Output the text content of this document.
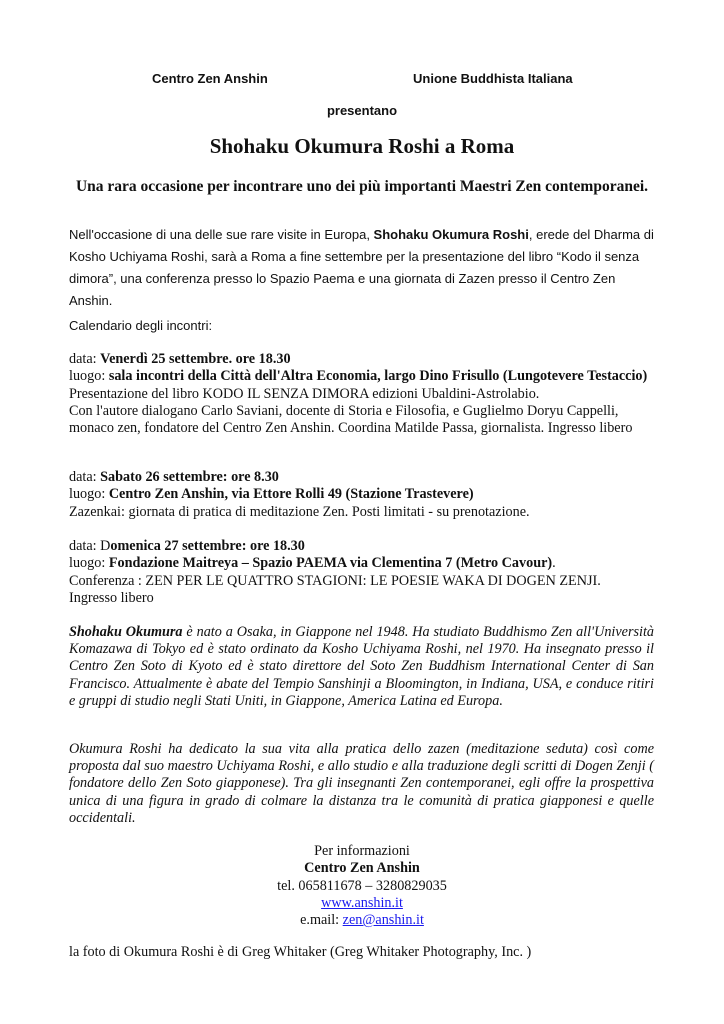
Centro Zen Anshin	Unione Buddhista Italiana
presentano
Shohaku Okumura Roshi a Roma
Una rara occasione per incontrare uno dei più importanti Maestri Zen contemporanei.
Nell'occasione di una delle sue rare visite in Europa, Shohaku Okumura Roshi, erede del Dharma di
Kosho Uchiyama Roshi, sarà a Roma a fine settembre per la presentazione del libro “Kodo il senza
dimora”, una conferenza presso lo Spazio Paema e una giornata di Zazen presso il Centro Zen
Anshin.
Calendario degli incontri:
data: Venerdì 25 settembre. ore 18.30
luogo: sala incontri della Città dell'Altra Economia, largo Dino Frisullo (Lungotevere Testaccio)
Presentazione del libro KODO IL SENZA DIMORA edizioni Ubaldini-Astrolabio.
Con l'autore dialogano Carlo Saviani, docente di Storia e Filosofia, e Guglielmo Doryu Cappelli,
monaco zen, fondatore del Centro Zen Anshin. Coordina Matilde Passa, giornalista. Ingresso libero
data: Sabato 26 settembre: ore 8.30
luogo: Centro Zen Anshin, via Ettore Rolli 49 (Stazione Trastevere)
Zazenkai: giornata di pratica di meditazione Zen. Posti limitati - su prenotazione.
data: Domenica 27 settembre: ore 18.30
luogo: Fondazione Maitreya – Spazio PAEMA via Clementina 7 (Metro Cavour).
Conferenza : ZEN PER LE QUATTRO STAGIONI: LE POESIE WAKA DI DOGEN ZENJI.
Ingresso libero
Shohaku Okumura è nato a Osaka, in Giappone nel 1948. Ha studiato Buddhismo Zen all'Università Komazawa di Tokyo ed è stato ordinato da Kosho Uchiyama Roshi, nel 1970. Ha insegnato presso il Centro Zen Soto di Kyoto ed è stato direttore del Soto Zen Buddhism International Center di San Francisco. Attualmente è abate del Tempio Sanshinji a Bloomington, in Indiana, USA, e conduce ritiri e gruppi di studio negli Stati Uniti, in Giappone, America Latina ed Europa.
Okumura Roshi ha dedicato la sua vita alla pratica dello zazen (meditazione seduta) così come proposta dal suo maestro Uchiyama Roshi, e allo studio e alla traduzione degli scritti di Dogen Zenji ( fondatore dello Zen Soto giapponese). Tra gli insegnanti Zen contemporanei, egli offre la prospettiva unica di una figura in grado di colmare la distanza tra le comunità di pratica giapponesi e quelle occidentali.
Per informazioni
Centro Zen Anshin
tel. 065811678 – 3280829035
www.anshin.it
e.mail: zen@anshin.it
la foto di Okumura Roshi è di Greg Whitaker (Greg Whitaker Photography, Inc. )
